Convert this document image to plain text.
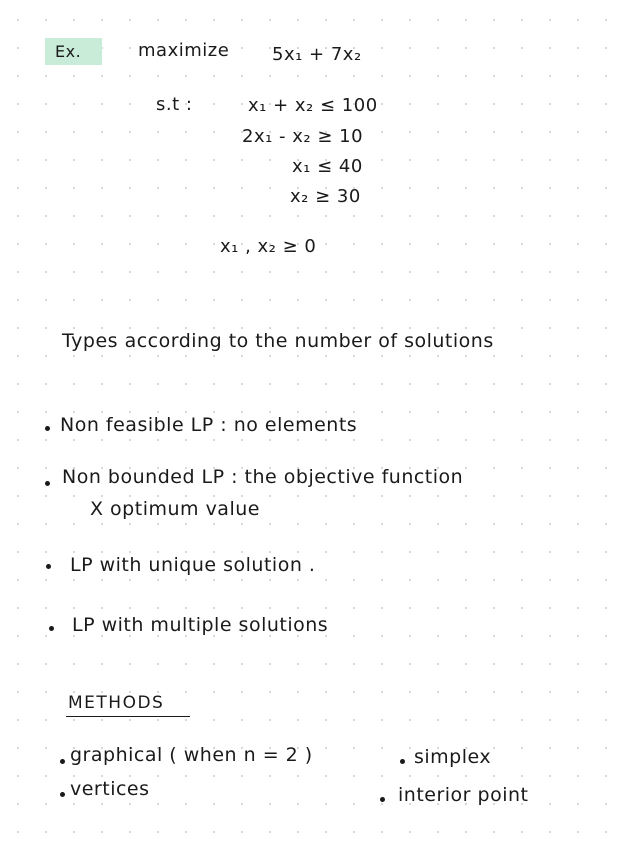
Ex.	maximize 5x₁ + 7x₂
s.t :	x₁ + x₂ ≤ 100
2x₁ - x₂ ≥ 10
x₁ ≤ 40
x₂ ≥ 30
x₁ , x₂ ≥ 0
Types according to the number of solutions
Non feasible LP : no elements
Non bounded LP : the objective function
X optimum value
LP with unique solution .
LP with multiple solutions
METHODS
graphical ( when n = 2 )	simplex
vertices	interior point
